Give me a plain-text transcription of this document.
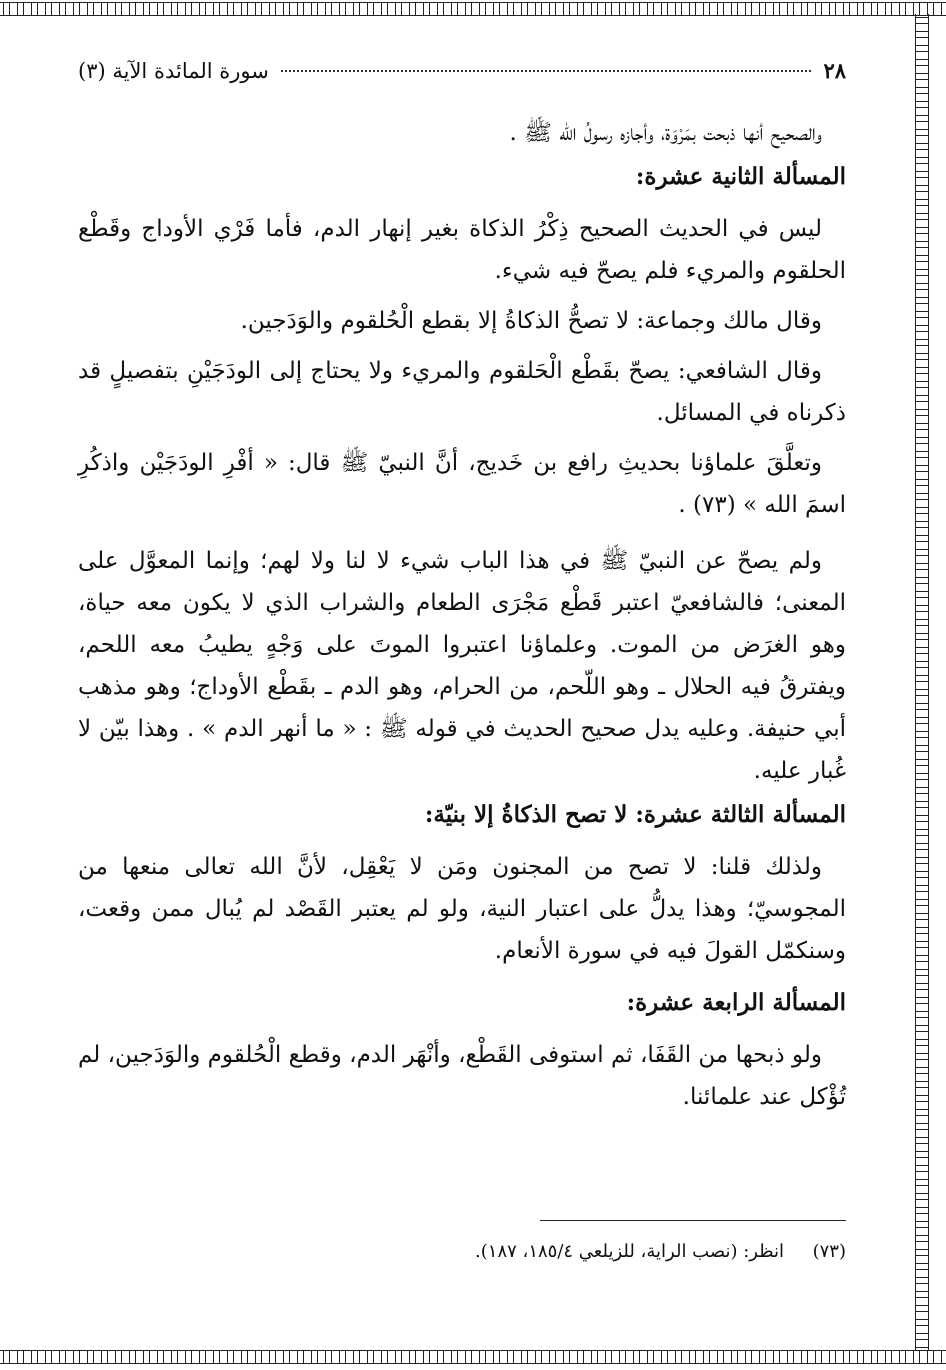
٢٨
سورة المائدة الآية (٣)

والصحيح أنها ذبحت بمَرْوَة، وأجازه رسولُ الله ﷺ .

المسألة الثانية عشرة:

ليس في الحديث الصحيح ذِكْرُ الذكاة بغير إنهار الدم، فأما فَرْي الأوداج وقَطْع الحلقوم والمريء فلم يصحّ فيه شيء.

وقال مالك وجماعة: لا تصحُّ الذكاةُ إلا بقطع الْحُلقوم والوَدَجين.

وقال الشافعي: يصحّ بقَطْع الْحَلقوم والمريء ولا يحتاج إلى الودَجَيْنِ بتفصيلٍ قد ذكرناه في المسائل.

وتعلَّقَ علماؤنا بحديثِ رافع بن خَديج، أنَّ النبيّ ﷺ قال: « أفْرِ الودَجَيْن واذكُرِ اسمَ الله » (٧٣) .

ولم يصحّ عن النبيّ ﷺ في هذا الباب شيء لا لنا ولا لهم؛ وإنما المعوَّل على المعنى؛ فالشافعيّ اعتبر قَطْع مَجْرَى الطعام والشراب الذي لا يكون معه حياة، وهو الغرَض من الموت. وعلماؤنا اعتبروا الموتَ على وَجْهٍ يطيبُ معه اللحم، ويفترقُ فيه الحلال ـ وهو اللّحم، من الحرام، وهو الدم ـ بقَطْع الأوداج؛ وهو مذهب أبي حنيفة. وعليه يدل صحيح الحديث في قوله ﷺ : « ما أنهر الدم » . وهذا بيّن لا غُبار عليه.

المسألة الثالثة عشرة: لا تصح الذكاةُ إلا بنيّة:

ولذلك قلنا: لا تصح من المجنون ومَن لا يَعْقِل، لأنَّ الله تعالى منعها من المجوسيّ؛ وهذا يدلُّ على اعتبار النية، ولو لم يعتبر القَصْد لم يُبال ممن وقعت، وسنكمّل القولَ فيه في سورة الأنعام.

المسألة الرابعة عشرة:

ولو ذبحها من القَفَا، ثم استوفى القَطْع، وأنْهَر الدم، وقطع الْحُلقوم والوَدَجين، لم تُؤْكل عند علمائنا.

(٧٣)     انظر: (نصب الراية، للزيلعي ١٨٥/٤، ١٨٧).
